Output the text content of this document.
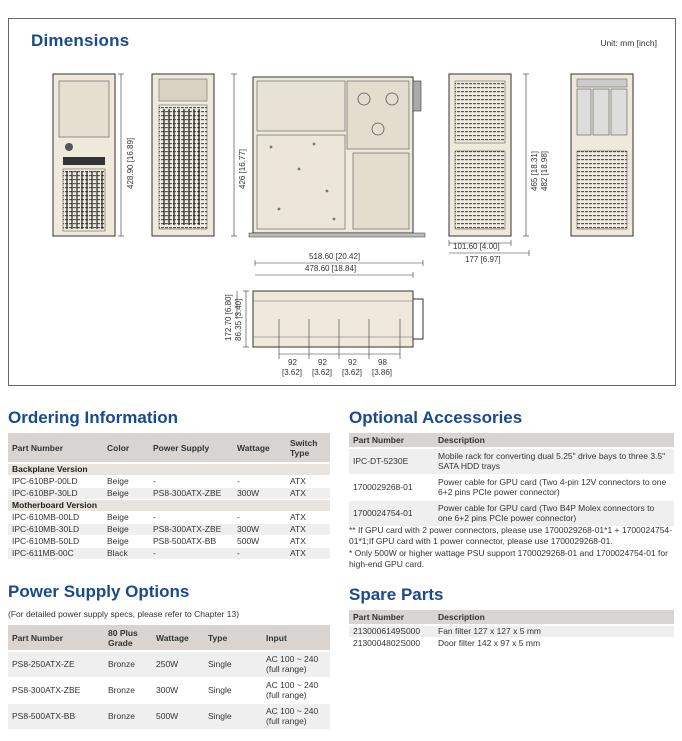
Dimensions	Unit: mm [inch]
428.90 [16.89]	426 [16.77]	465 [18.31] 482 [18.98]
101.60 [4.00]
177 [6.97]
518.60 [20.42]
478.60 [18.84]
172.70 [6.80] 86.35 [3.40]
92
[3.62]
92
[3.62]
92
[3.62]
98
[3.86]
Ordering Information
Part Number	Color	Power Supply	Wattage	Switch Type
Backplane Version				
IPC-610BP-00LD	Beige	-	-	ATX
IPC-610BP-30LD	Beige	PS8-300ATX-ZBE	300W	ATX
Motherboard Version				
IPC-610MB-00LD	Beige	-	-	ATX
IPC-610MB-30LD	Beige	PS8-300ATX-ZBE	300W	ATX
IPC-610MB-50LD	Beige	PS8-500ATX-BB	500W	ATX
IPC-611MB-00C	Black	-	-	ATX
Power Supply Options
(For detailed power supply specs, please refer to Chapter 13)
Part Number	80 Plus Grade	Wattage	Type	Input
PS8-250ATX-ZE	Bronze	250W	Single	AC 100 ~ 240 (full range)
PS8-300ATX-ZBE	Bronze	300W	Single	AC 100 ~ 240 (full range)
PS8-500ATX-BB	Bronze	500W	Single	AC 100 ~ 240 (full range)
Optional Accessories
Part Number	Description
IPC-DT-5230E	Mobile rack for converting dual 5.25" drive bays to three 3.5" SATA HDD trays
1700029268-01	Power cable for GPU card (Two 4-pin 12V connectors to one 6+2 pins PCIe power connector)
1700024754-01	Power cable for GPU card (Two B4P Molex connectors to one 6+2 pins PCIe power connector)
** If GPU card with 2 power connectors, please use 1700029268-01*1 + 1700024754-01*1;If GPU card with 1 power connector, please use 1700029268-01.
* Only 500W or higher wattage PSU support 1700029268-01 and 1700024754-01 for high-end GPU card.
Spare Parts
Part Number	Description
2130006149S000	Fan filter 127 x 127 x 5 mm
2130004802S000	Door filter 142 x 97 x 5 mm
